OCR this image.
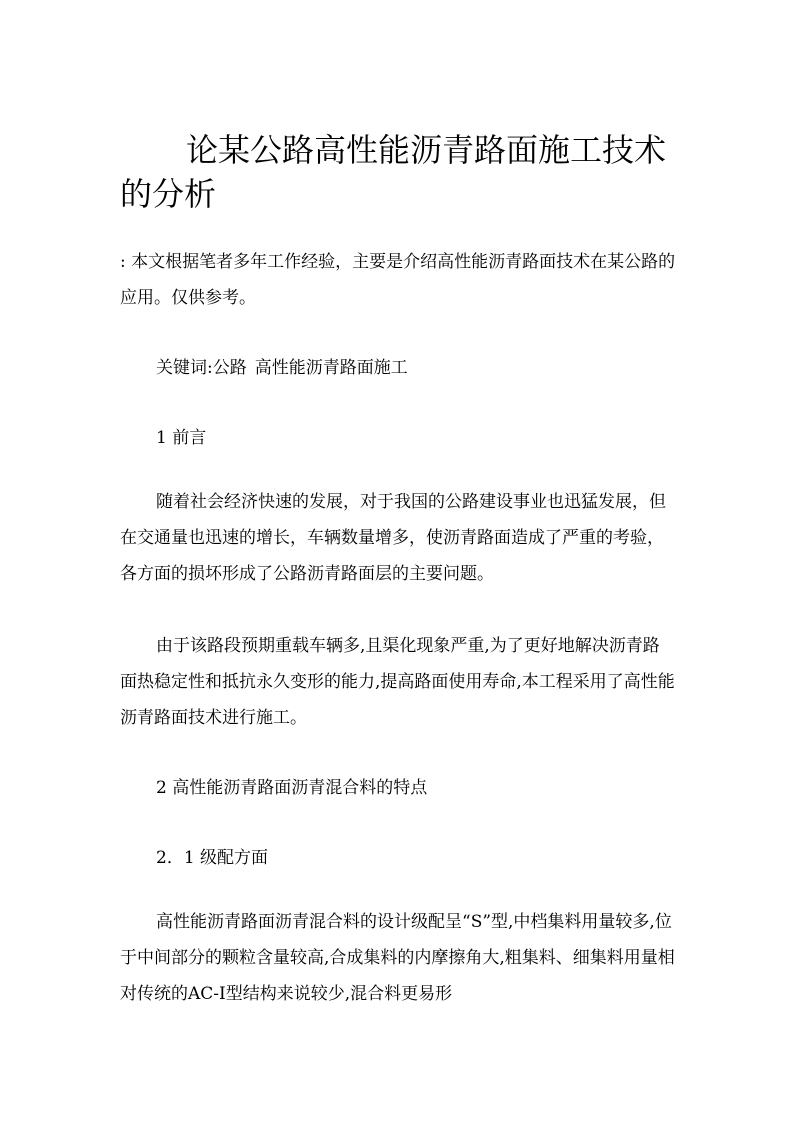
论某公路高性能沥青路面施工技术的分析

: 本文根据笔者多年工作经验，主要是介绍高性能沥青路面技术在某公路的应用。仅供参考。

关键词:公路 高性能沥青路面施工

1 前言

随着社会经济快速的发展，对于我国的公路建设事业也迅猛发展，但在交通量也迅速的增长，车辆数量增多，使沥青路面造成了严重的考验，各方面的损坏形成了公路沥青路面层的主要问题。

由于该路段预期重载车辆多,且渠化现象严重,为了更好地解决沥青路面热稳定性和抵抗永久变形的能力,提高路面使用寿命,本工程采用了高性能沥青路面技术进行施工。

2 高性能沥青路面沥青混合料的特点

2．1 级配方面

高性能沥青路面沥青混合料的设计级配呈“S”型,中档集料用量较多,位于中间部分的颗粒含量较高,合成集料的内摩擦角大,粗集料、细集料用量相对传统的AC-I型结构来说较少,混合料更易形
